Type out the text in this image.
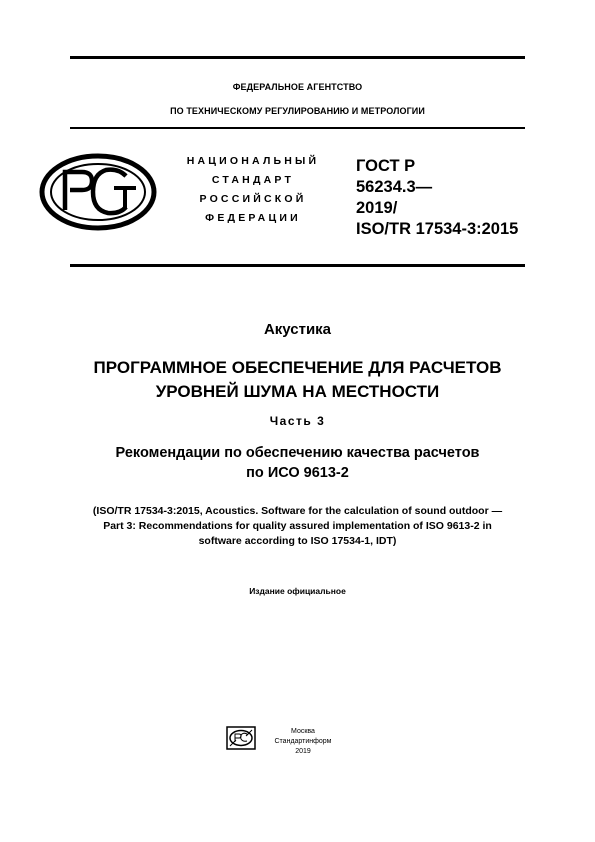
ФЕДЕРАЛЬНОЕ АГЕНТСТВО
ПО ТЕХНИЧЕСКОМУ РЕГУЛИРОВАНИЮ И МЕТРОЛОГИИ
НАЦИОНАЛЬНЫЙ
СТАНДАРТ
РОССИЙСКОЙ
ФЕДЕРАЦИИ
ГОСТ Р
56234.3—
2019/
ISO/TR 17534-3:2015
Акустика
ПРОГРАММНОЕ ОБЕСПЕЧЕНИЕ ДЛЯ РАСЧЕТОВ
УРОВНЕЙ ШУМА НА МЕСТНОСТИ
Часть 3
Рекомендации по обеспечению качества расчетов
по ИСО 9613-2
(ISO/TR 17534-3:2015, Acoustics. Software for the calculation of sound outdoor —
Part 3: Recommendations for quality assured implementation of ISO 9613-2 in
software according to ISO 17534-1, IDT)
Издание официальное
Москва
Стандартинформ
2019
